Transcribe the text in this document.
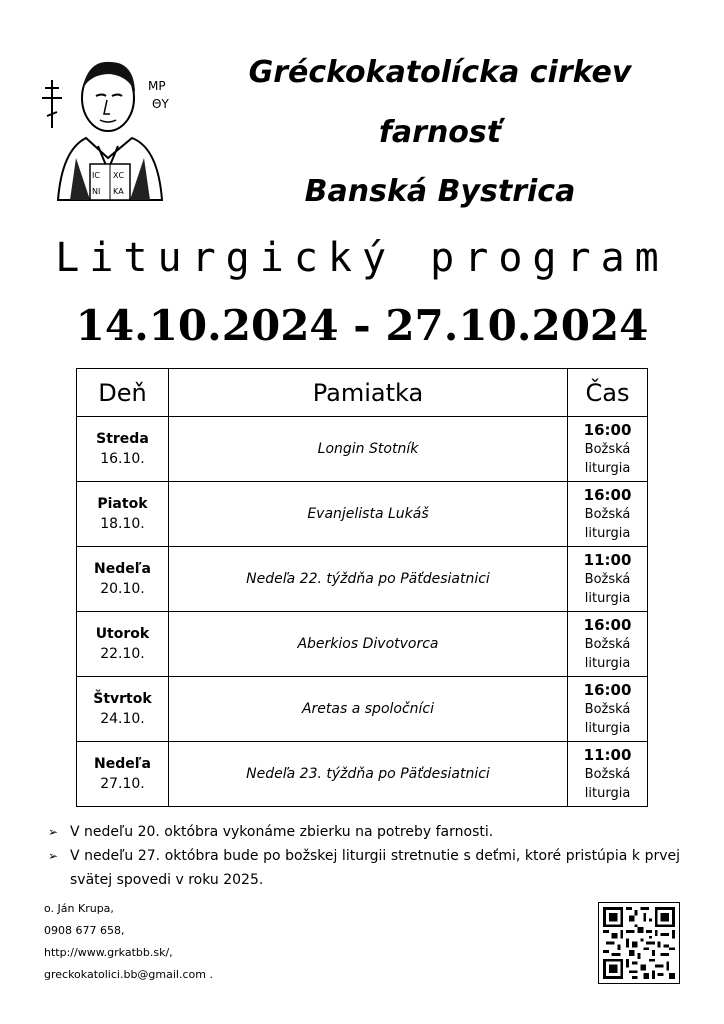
ΙС ХС
ΝΙ ΚΑ
ΜΡ
ΘΥ
Gréckokatolícka cirkev
farnosť
Banská Bystrica
Liturgický program
14.10.2024 - 27.10.2024
Deň	Pamiatka	Čas

Streda
16.10.	Longin Stotník	16:00
Božská
liturgia

Piatok
18.10.	Evanjelista Lukáš	16:00
Božská
liturgia

Nedeľa
20.10.	Nedeľa 22. týždňa po Päťdesiatnici	11:00
Božská
liturgia

Utorok
22.10.	Aberkios Divotvorca	16:00
Božská
liturgia

Štvrtok
24.10.	Aretas a spoločníci	16:00
Božská
liturgia

Nedeľa
27.10.	Nedeľa 23. týždňa po Päťdesiatnici	11:00
Božská
liturgia
➢ V nedeľu 20. októbra vykonáme zbierku na potreby farnosti.
➢ V nedeľu 27. októbra bude po božskej liturgii stretnutie s deťmi, ktoré pristúpia k prvej svätej spovedi v roku 2025.
o. Ján Krupa,
0908 677 658,
http://www.grkatbb.sk/,
greckokatolici.bb@gmail.com .
